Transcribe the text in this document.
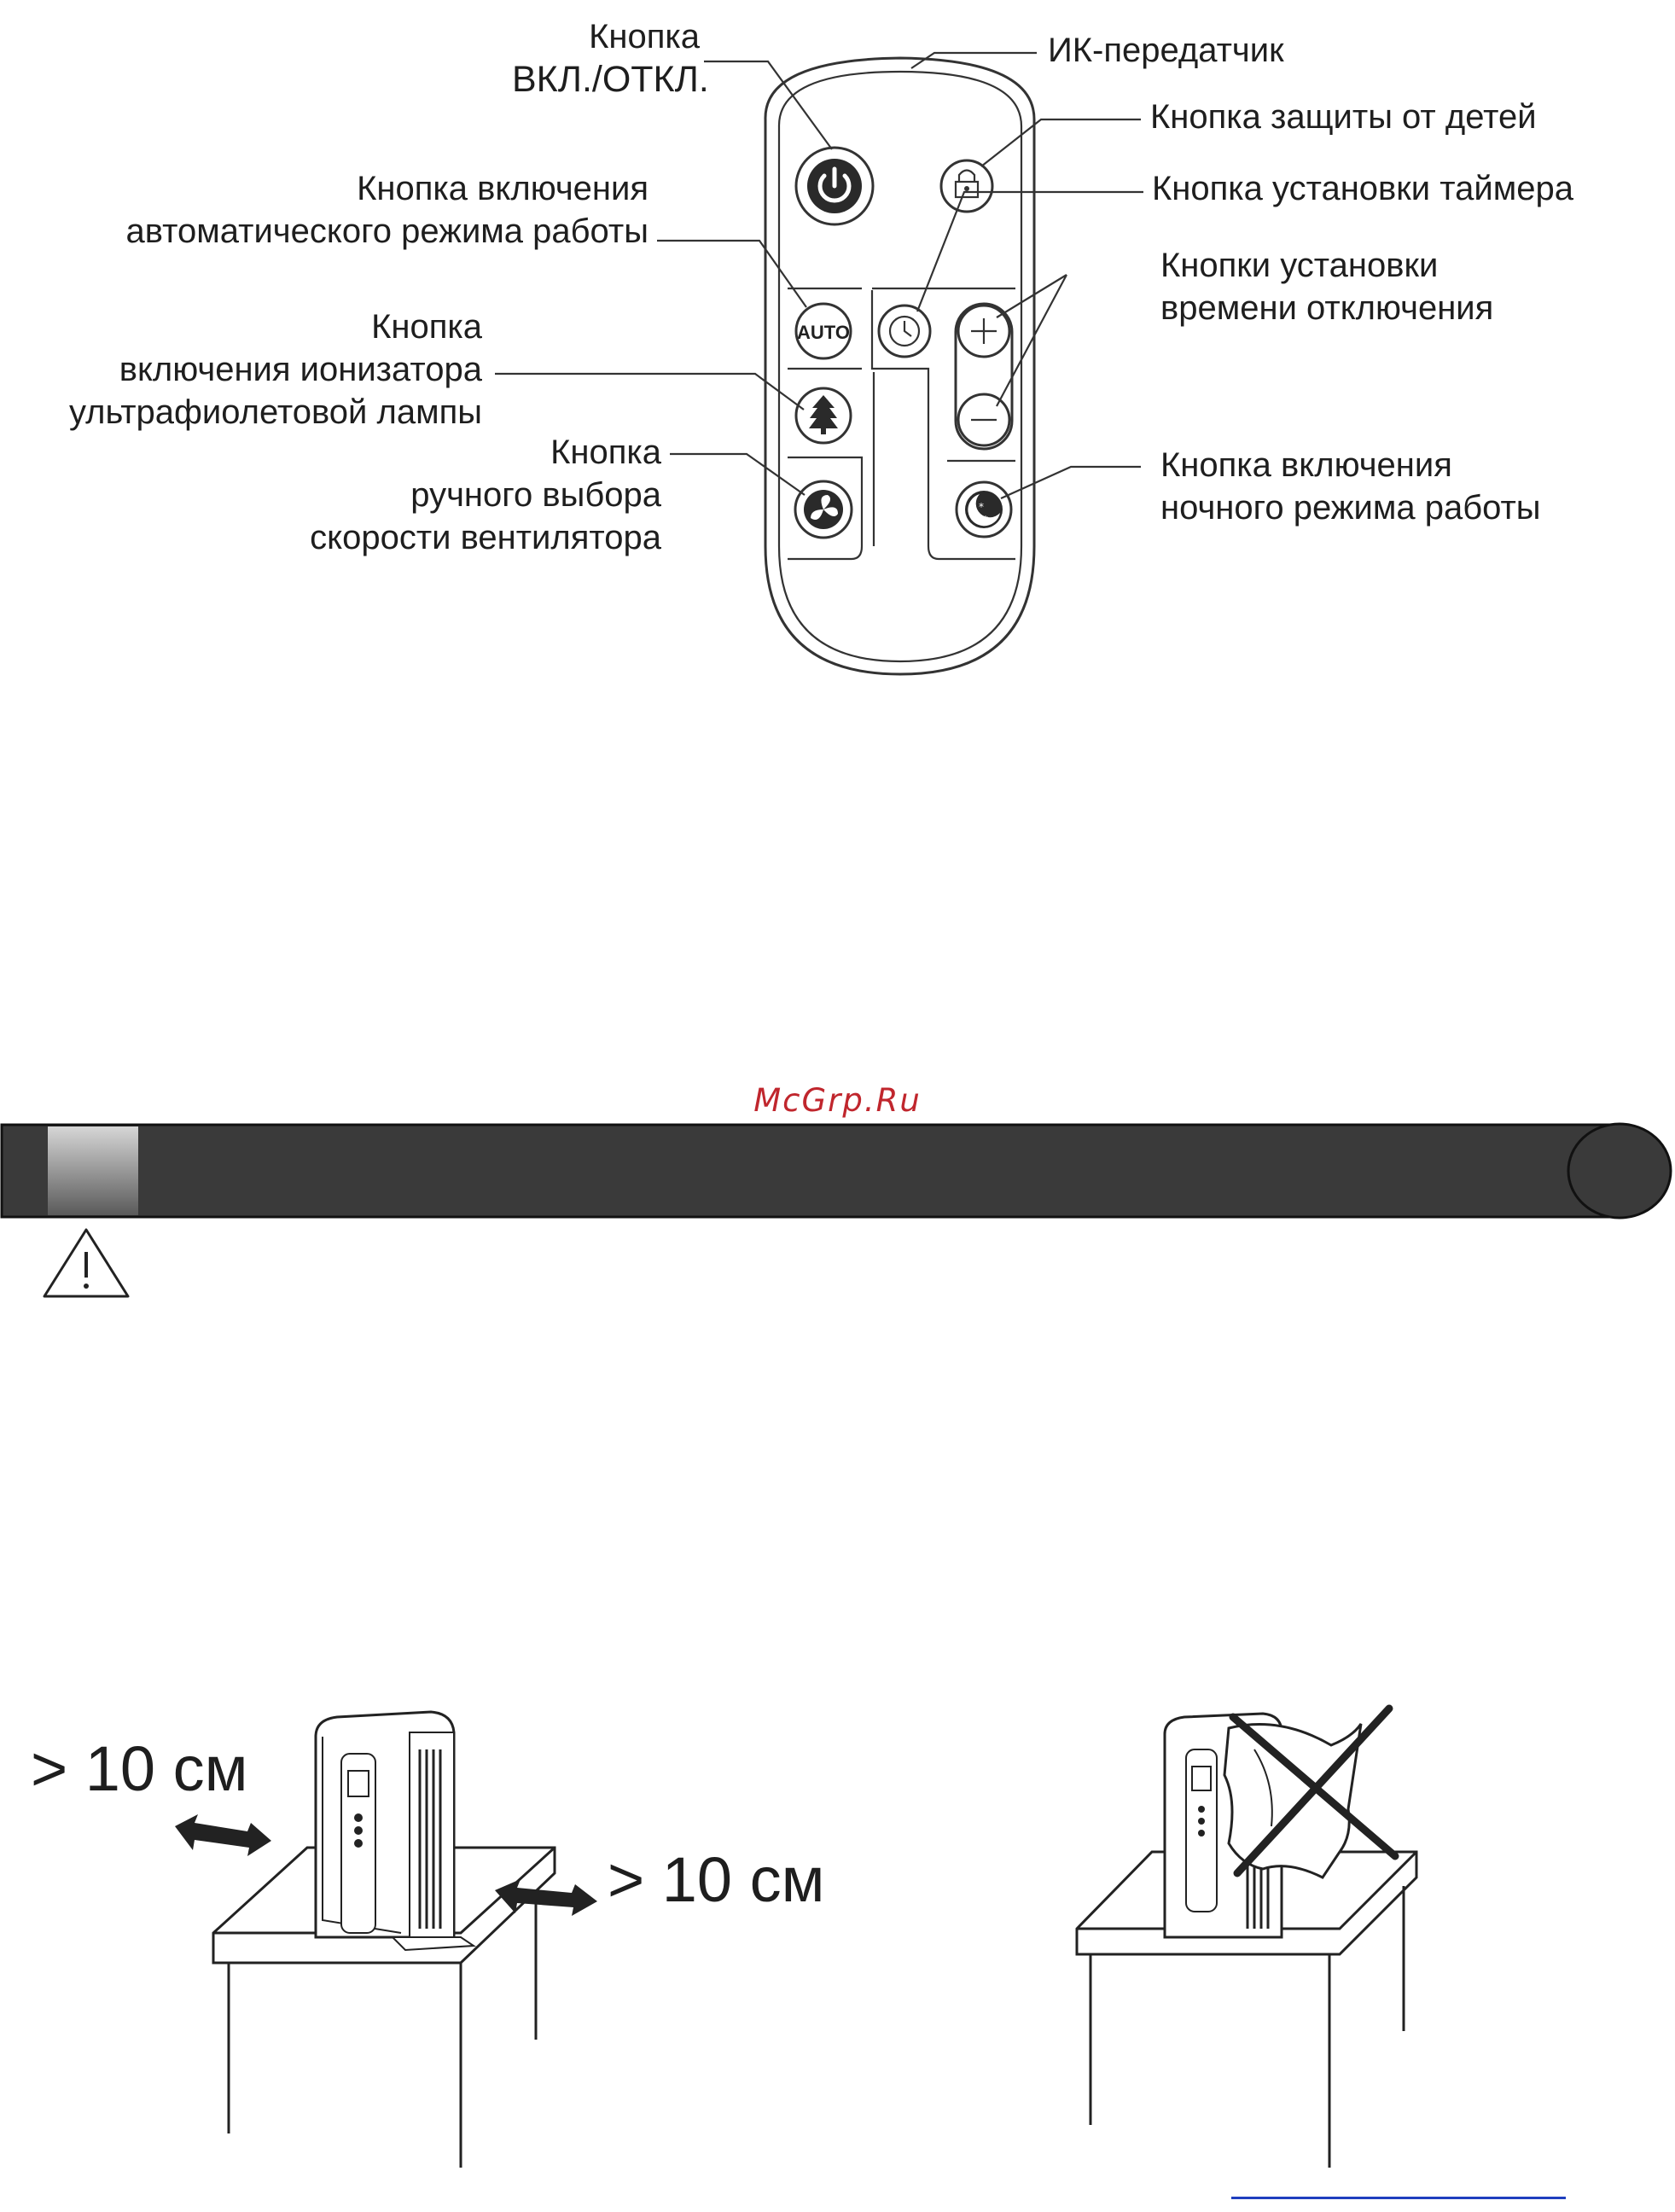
AUTO
*
* *
Кнопка
ВКЛ./ОТКЛ.
ИК-передатчик
Кнопка защиты от детей
Кнопка включения
автоматического режима работы
Кнопка установки таймера
Кнопки установки
времени отключения
Кнопка
включения ионизатора
ультрафиолетовой лампы
Кнопка
ручного выбора
скорости вентилятора
Кнопка включения
ночного режима работы
McGrp.Ru
> 10 см
> 10 см
